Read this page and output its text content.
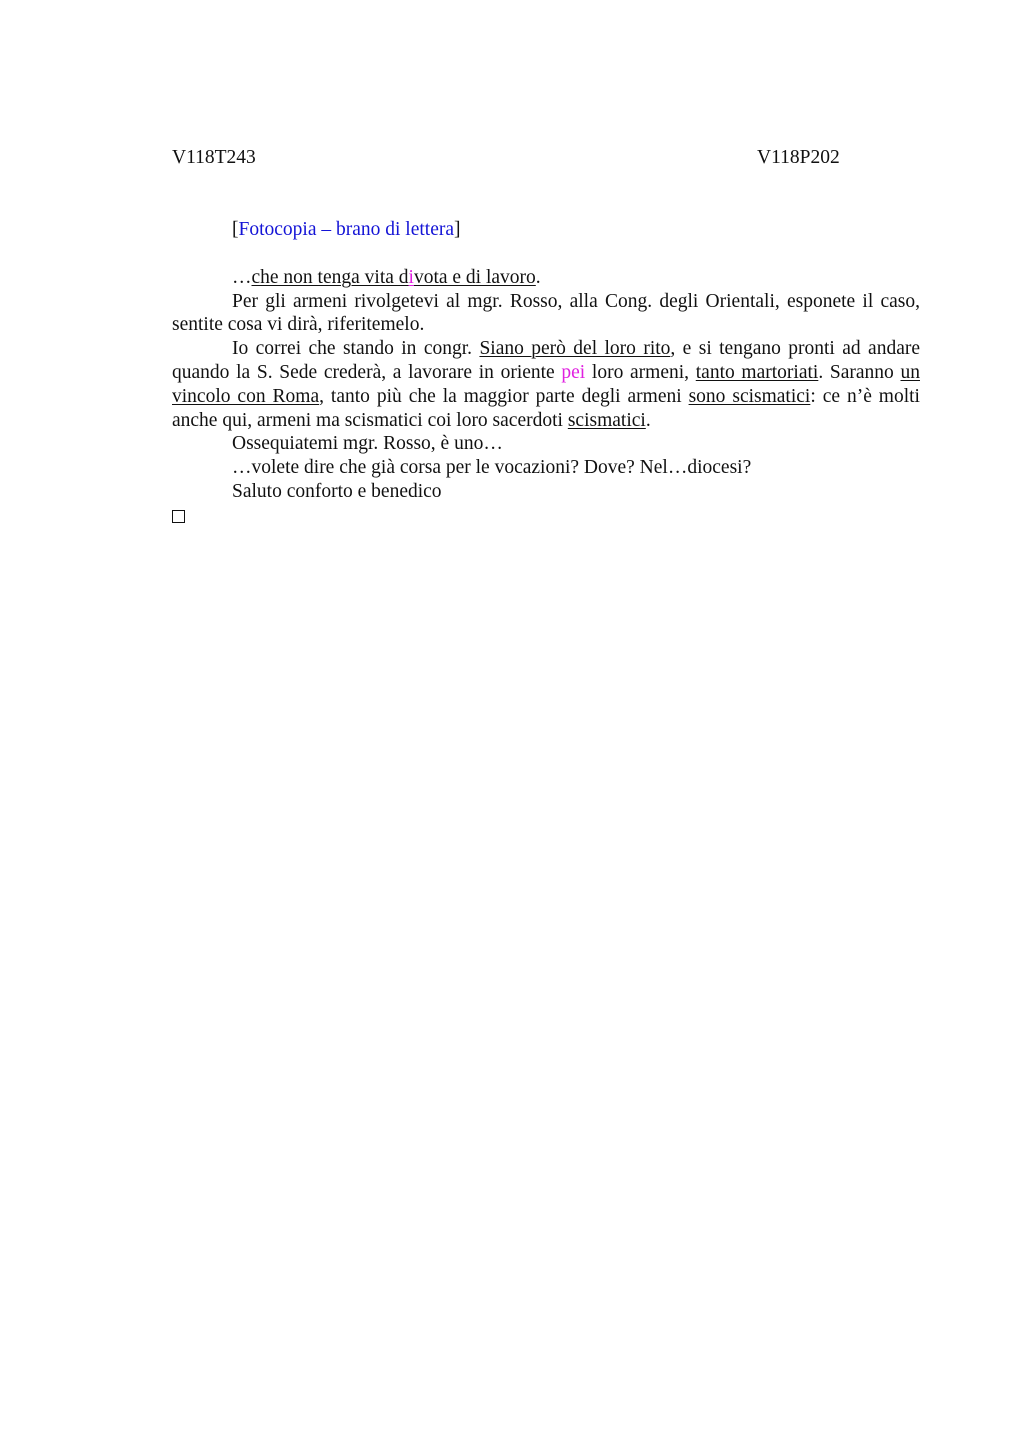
V118T243	V118P202

[Fotocopia – brano di lettera]

…che non tenga vita divota e di lavoro.

Per gli armeni rivolgetevi al mgr. Rosso, alla Cong. degli Orientali, esponete il caso, sentite cosa vi dirà, riferitemelo.

Io correi che stando in congr. Siano però del loro rito, e si tengano pronti ad andare quando la S. Sede crederà, a lavorare in oriente pei loro armeni, tanto martoriati. Saranno un vincolo con Roma, tanto più che la maggior parte degli armeni sono scismatici: ce n’è molti anche qui, armeni ma scismatici coi loro sacerdoti scismatici.

Ossequiatemi mgr. Rosso, è uno…

…volete dire che già corsa per le vocazioni? Dove? Nel…diocesi?

Saluto conforto e benedico
